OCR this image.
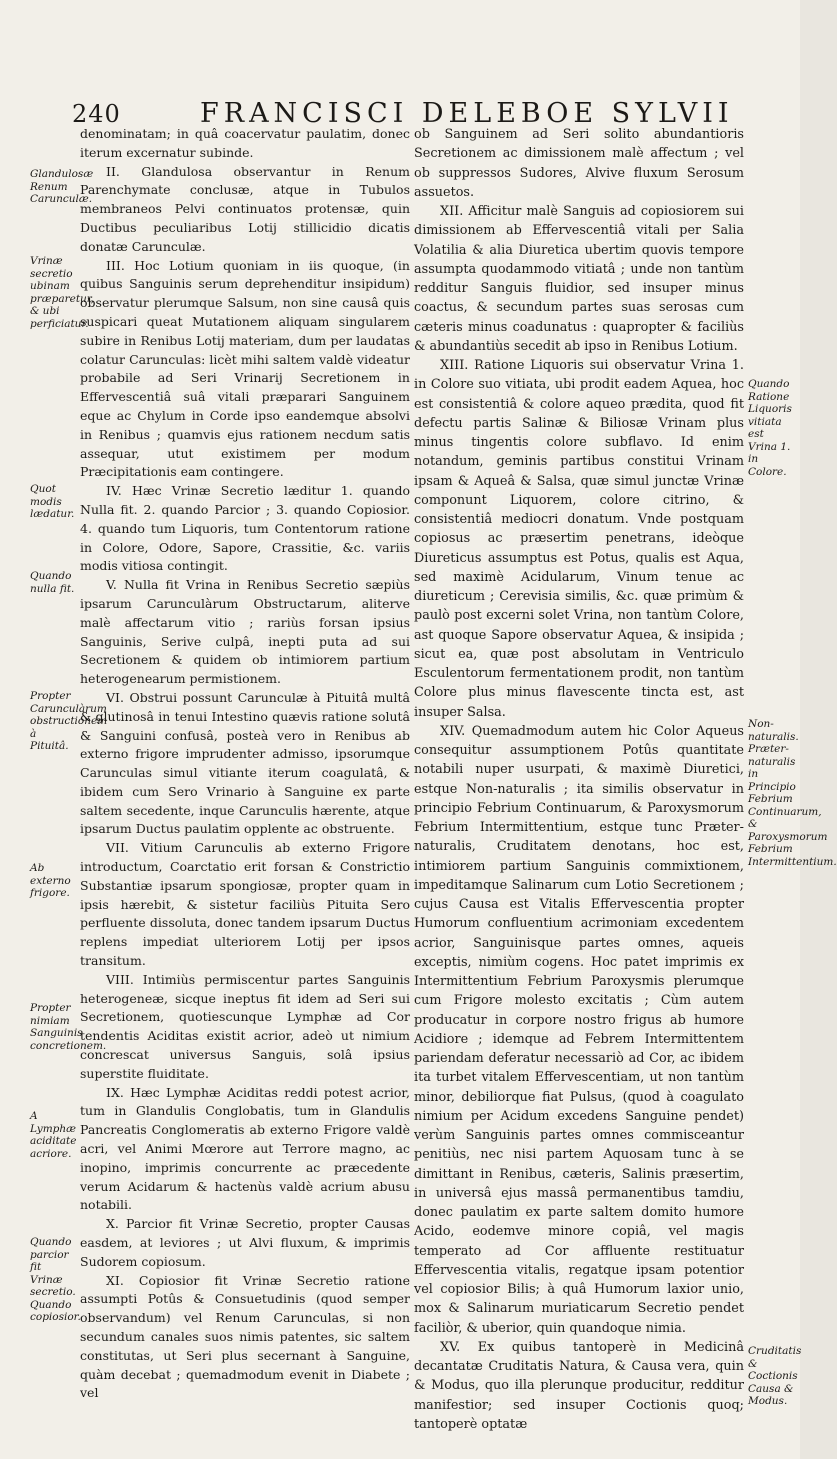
240	FRANCISCI DELEBOE SYLVII

denominatam; in quâ coacervatur paulatim, donec iterum excernatur subinde.

II. Glandulosa observantur in Renum Parenchymate conclusæ, atque in Tubulos membraneos Pelvi continuatos protensæ, quin Ductibus peculiaribus Lotij stillicidio dicatis donatæ Carunculæ.

III. Hoc Lotium quoniam in iis quoque, (in quibus Sanguinis serum deprehenditur insipidum) observatur plerumque Salsum, non sine causâ quis suspicari queat Mutationem aliquam singularem subire in Renibus Lotij materiam, dum per laudatas colatur Carunculas: licèt mihi saltem valdè videatur probabile ad Seri Vrinarij Secretionem in Effervescentiâ suâ vitali præparari Sanguinem eque ac Chylum in Corde ipso eandemque absolvi in Renibus ; quamvis ejus rationem necdum satis assequar, utut existimem per modum Præcipitationis eam contingere.

IV. Hæc Vrinæ Secretio læditur 1. quando Nulla fit. 2. quando Parcior ; 3. quando Copiosior. 4. quando tum Liquoris, tum Contentorum ratione in Colore, Odore, Sapore, Crassitie, &c. variis modis vitiosa contingit.

V. Nulla fit Vrina in Renibus Secretio sæpiùs ipsarum Carunculàrum Obstructarum, aliterve malè affectarum vitio ; rariùs forsan ipsius Sanguinis, Serive culpâ, inepti puta ad sui Secretionem & quidem ob intimiorem partium heterogenearum permistionem.

VI. Obstrui possunt Carunculæ à Pituitâ multâ & glutinosâ in tenui Intestino quævis ratione solutâ & Sanguini confusâ, posteà vero in Renibus ab externo frigore imprudenter admisso, ipsorumque Carunculas simul vitiante iterum coagulatâ, & ibidem cum Sero Vrinario à Sanguine ex parte saltem secedente, inque Carunculis hærente, atque ipsarum Ductus paulatim opplente ac obstruente.

VII. Vitium Carunculis ab externo Frigore introductum, Coarctatio erit forsan & Constrictio Substantiæ ipsarum spongiosæ, propter quam in ipsis hærebit, & sistetur faciliùs Pituita Sero perfluente dissoluta, donec tandem ipsarum Ductus replens impediat ulteriorem Lotij per ipsos transitum.

VIII. Intimiùs permiscentur partes Sanguinis heterogeneæ, sicque ineptus fit idem ad Seri sui Secretionem, quotiescunque Lymphæ ad Cor tendentis Aciditas existit acrior, adeò ut nimium concrescat universus Sanguis, solâ ipsius superstite fluiditate.

IX. Hæc Lymphæ Aciditas reddi potest acrior, tum in Glandulis Conglobatis, tum in Glandulis Pancreatis Conglomeratis ab externo Frigore valdè acri, vel Animi Mœrore aut Terrore magno, ac inopino, imprimis concurrente ac præcedente verum Acidarum & hactenùs valdè acrium abusu notabili.

X. Parcior fit Vrinæ Secretio, propter Causas easdem, at leviores ; ut Alvi fluxum, & imprimis Sudorem copiosum.

XI. Copiosior fit Vrinæ Secretio ratione assumpti Potûs & Consuetudinis (quod semper observandum) vel Renum Carunculas, si non secundum canales suos nimis patentes, sic saltem constitutas, ut Seri plus secernant à Sanguine, quàm decebat ; quemadmodum evenit in Diabete ; vel

ob Sanguinem ad Seri solito abundantioris Secretionem ac dimissionem malè affectum ; vel ob suppressos Sudores, Alvive fluxum Serosum assuetos.

XII. Afficitur malè Sanguis ad copiosiorem sui dimissionem ab Effervescentiâ vitali per Salia Volatilia & alia Diuretica ubertim quovis tempore assumpta quodammodo vitiatâ ; unde non tantùm redditur Sanguis fluidior, sed insuper minus coactus, & secundum partes suas serosas cum cæteris minus coadunatus : quapropter & faciliùs & abundantiùs secedit ab ipso in Renibus Lotium.

XIII. Ratione Liquoris sui observatur Vrina 1. in Colore suo vitiata, ubi prodit eadem Aquea, hoc est consistentiâ & colore aqueo prædita, quod fit defectu partis Salinæ & Biliosæ Vrinam plus minus tingentis colore subflavo. Id enim notandum, geminis partibus constitui Vrinam ipsam & Aqueâ & Salsa, quæ simul junctæ Vrinæ componunt Liquorem, colore citrino, & consistentiâ mediocri donatum. Vnde postquam copiosus ac præsertim penetrans, ideòque Diureticus assumptus est Potus, qualis est Aqua, sed maximè Acidularum, Vinum tenue ac diureticum ; Cerevisia similis, &c. quæ primùm & paulò post excerni solet Vrina, non tantùm Colore, ast quoque Sapore observatur Aquea, & insipida ; sicut ea, quæ post absolutam in Ventriculo Esculentorum fermentationem prodit, non tantùm Colore plus minus flavescente tincta est, ast insuper Salsa.

XIV. Quemadmodum autem hic Color Aqueus consequitur assumptionem Potûs quantitate notabili nuper usurpati, & maximè Diuretici, estque Non-naturalis ; ita similis observatur in principio Febrium Continuarum, & Paroxysmorum Febrium Intermittentium, estque tunc Præter-naturalis, Cruditatem denotans, hoc est, intimiorem partium Sanguinis commixtionem, impeditamque Salinarum cum Lotio Secretionem ; cujus Causa est Vitalis Effervescentia propter Humorum confluentium acrimoniam excedentem acrior, Sanguinisque partes omnes, aqueis exceptis, nimiùm cogens. Hoc patet imprimis ex Intermittentium Febrium Paroxysmis plerumque cum Frigore molesto excitatis ; Cùm autem producatur in corpore nostro frigus ab humore Acidiore ; idemque ad Febrem Intermittentem pariendam deferatur necessariò ad Cor, ac ibidem ita turbet vitalem Effervescentiam, ut non tantùm minor, debiliorque fiat Pulsus, (quod à coagulato nimium per Acidum excedens Sanguine pendet) verùm Sanguinis partes omnes commisceantur penitiùs, nec nisi partem Aquosam tunc à se dimittant in Renibus, cæteris, Salinis præsertim, in universâ ejus massâ permanentibus tamdiu, donec paulatim ex parte saltem domito humore Acido, eodemve minore copiâ, vel magis temperato ad Cor affluente restituatur Effervescentia vitalis, regatque ipsam potentior vel copiosior Bilis; à quâ Humorum laxior unio, mox & Salinarum muriaticarum Secretio pendet faciliòr, & uberior, quin quandoque nimia.

XV. Ex quibus tantoperè in Medicinâ decantatæ Cruditatis Natura, & Causa vera, quin & Modus, quo illa plerunque producitur, redditur manifestior; sed insuper Coctionis quoq; tantoperè optatæ

Glandulosæ Renum Carunculæ.
Vrinæ secretio ubinam præparetur, & ubi perficiatur.
Quot modis lædatur.
Quando nulla fit.
Propter Carunculàrum obstructionem à Pituitâ.
Ab externo frigore.
Propter nimiam Sanguinis concretionem.
A Lymphæ aciditate acriore.
Quando parcior fit Vrinæ secretio. Quando copiosior.
Quando Ratione Liquoris vitiata est Vrina 1. in Colore.
Non-naturalis. Præter-naturalis in Principio Febrium Continuarum, & Paroxysmorum Febrium Intermittentium.
Cruditatis & Coctionis Causa & Modus.
